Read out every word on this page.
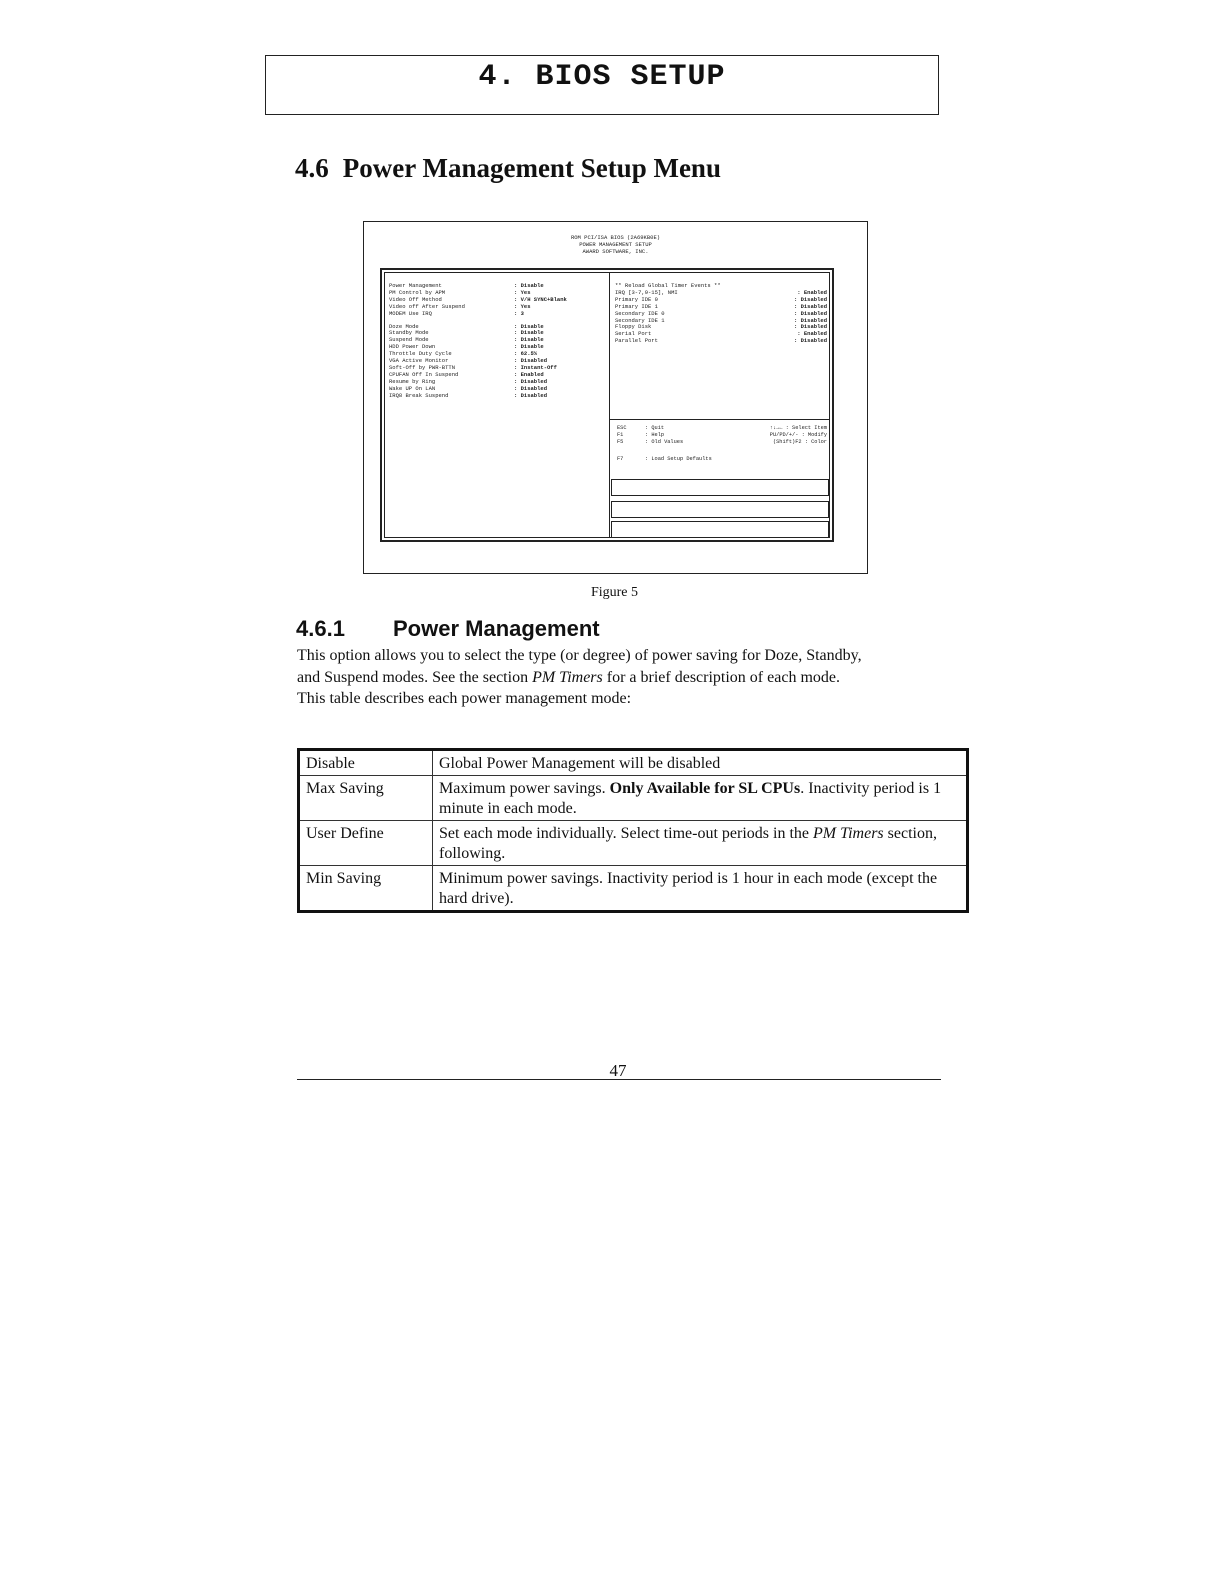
4. BIOS SETUP
4.6 Power Management Setup Menu
ROM PCI/ISA BIOS (2A69KB0E)
POWER MANAGEMENT SETUP
AWARD SOFTWARE, INC.
Power Management	: Disable
PM Control by APM	: Yes
Video Off Method	: V/H SYNC+Blank
Video off After Suspend	: Yes
MODEM Use IRQ	: 3
Doze Mode	: Disable
Standby Mode	: Disable
Suspend Mode	: Disable
HDD Power Down	: Disable
Throttle Duty Cycle	: 62.5%
VGA Active Monitor	: Disabled
Soft-Off by PWR-BTTN	: Instant-Off
CPUFAN Off In Suspend	: Enabled
Resume by Ring	: Disabled
Wake UP On LAN	: Disabled
IRQ8 Break Suspend	: Disabled
** Reload Global Timer Events **
IRQ [3-7,9-15], NMI	: Enabled
Primary IDE 0	: Disabled
Primary IDE 1	: Disabled
Secondary IDE 0	: Disabled
Secondary IDE 1	: Disabled
Floppy Disk	: Disabled
Serial Port	: Enabled
Parallel Port	: Disabled
ESC	: Quit	↑↓→← : Select Item
F1	: Help	PU/PD/+/- : Modify
F5	: Old Values	(Shift)F2 : Color
F7	: Load Setup Defaults
Figure 5
4.6.1 Power Management
This option allows you to select the type (or degree) of power saving for Doze, Standby,
and Suspend modes. See the section PM Timers for a brief description of each mode.
This table describes each power management mode:
Disable	Global Power Management will be disabled
Max Saving	Maximum power savings. Only Available for SL CPUs. Inactivity period is 1 minute in each mode.
User Define	Set each mode individually. Select time-out periods in the PM Timers section, following.
Min Saving	Minimum power savings. Inactivity period is 1 hour in each mode (except the hard drive).
47
